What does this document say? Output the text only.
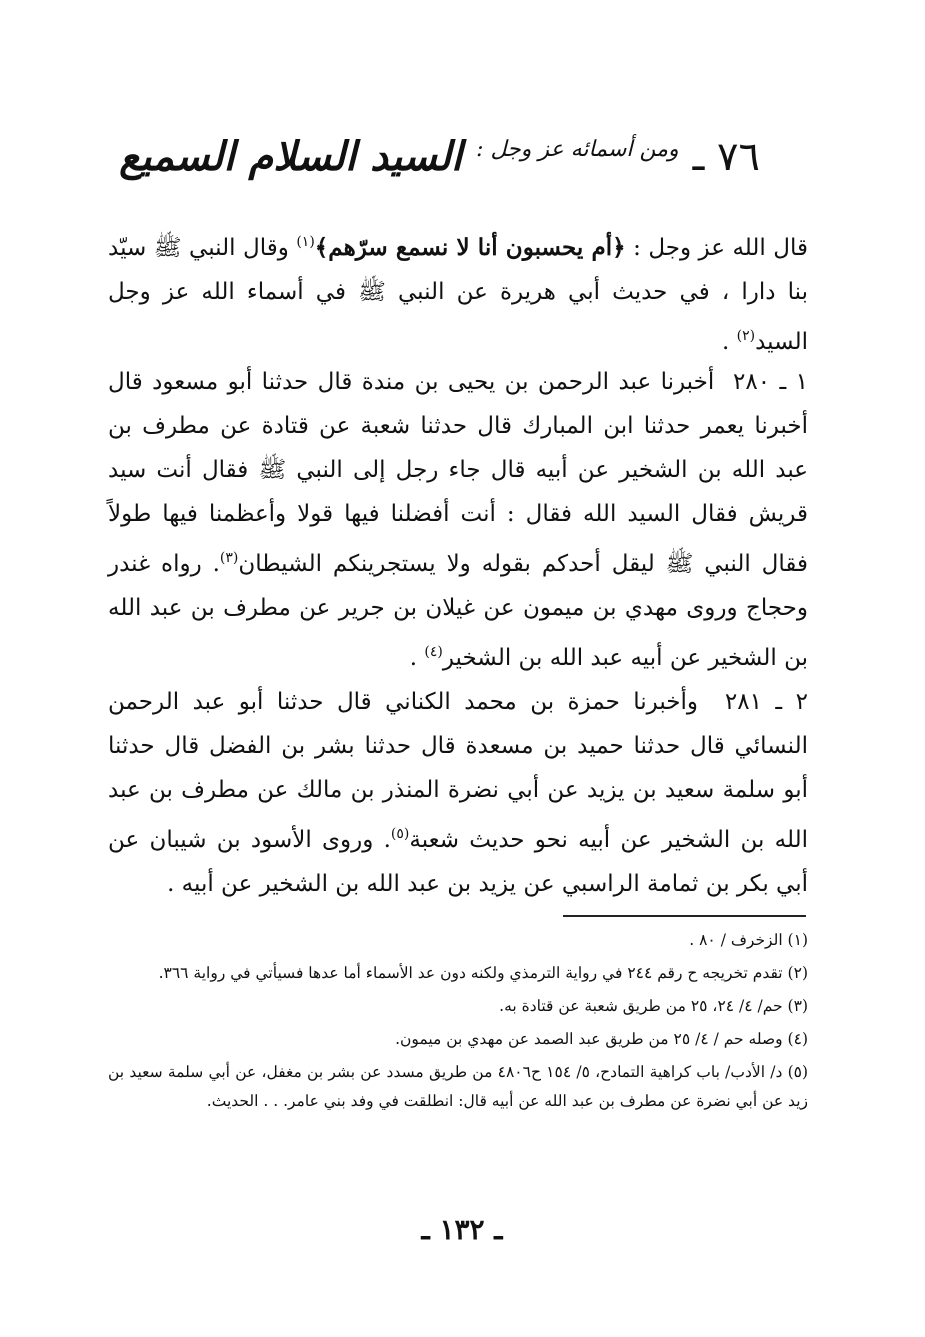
٧٦ ـ $^{ومن أسمائه عز وجل :}$ السيد السلام السميع
قال الله عز وجل : ﴿أم يحسبون أنا لا نسمع سرّهم﴾$^{(١)}$ وقال النبي ﷺ سيّد بنا دارا ، في حديث أبي هريرة عن النبي ﷺ في أسماء الله عز وجل السيد$^{(٢)}$ .
١ ـ ٢٨٠  أخبرنا عبد الرحمن بن يحيى بن مندة قال حدثنا أبو مسعود قال أخبرنا يعمر حدثنا ابن المبارك قال حدثنا شعبة عن قتادة عن مطرف بن عبد الله بن الشخير عن أبيه قال جاء رجل إلى النبي ﷺ فقال أنت سيد قريش فقال السيد الله فقال : أنت أفضلنا فيها قولا وأعظمنا فيها طولاً فقال النبي ﷺ ليقل أحدكم بقوله ولا يستجرينكم الشيطان$^{(٣)}$. رواه غندر وحجاج وروى مهدي بن ميمون عن غيلان بن جرير عن مطرف بن عبد الله بن الشخير عن أبيه عبد الله بن الشخير$^{(٤)}$ .
٢ ـ ٢٨١  وأخبرنا حمزة بن محمد الكناني قال حدثنا أبو عبد الرحمن النسائي قال حدثنا حميد بن مسعدة قال حدثنا بشر بن الفضل قال حدثنا أبو سلمة سعيد بن يزيد عن أبي نضرة المنذر بن مالك عن مطرف بن عبد الله بن الشخير عن أبيه نحو حديث شعبة$^{(٥)}$. وروى الأسود بن شيبان عن أبي بكر بن ثمامة الراسبي عن يزيد بن عبد الله بن الشخير عن أبيه .

(١) الزخرف / ٨٠ .

(٢) تقدم تخريجه ح رقم ٢٤٤ في رواية الترمذي ولكنه دون عد الأسماء أما عدها فسيأتي في رواية ٣٦٦.

(٣) حم/ ٤/ ٢٤، ٢٥ من طريق شعبة عن قتادة به.

(٤) وصله حم / ٤/ ٢٥ من طريق عبد الصمد عن مهدي بن ميمون.

(٥) د/ الأدب/ باب كراهية التمادح، ٥/ ١٥٤ ح٤٨٠٦ من طريق مسدد عن بشر بن مغفل، عن أبي سلمة سعيد بن زيد عن أبي نضرة عن مطرف بن عبد الله عن أبيه قال: انطلقت في وفد بني عامر. . . الحديث.

ـ ١٣٢ ـ
